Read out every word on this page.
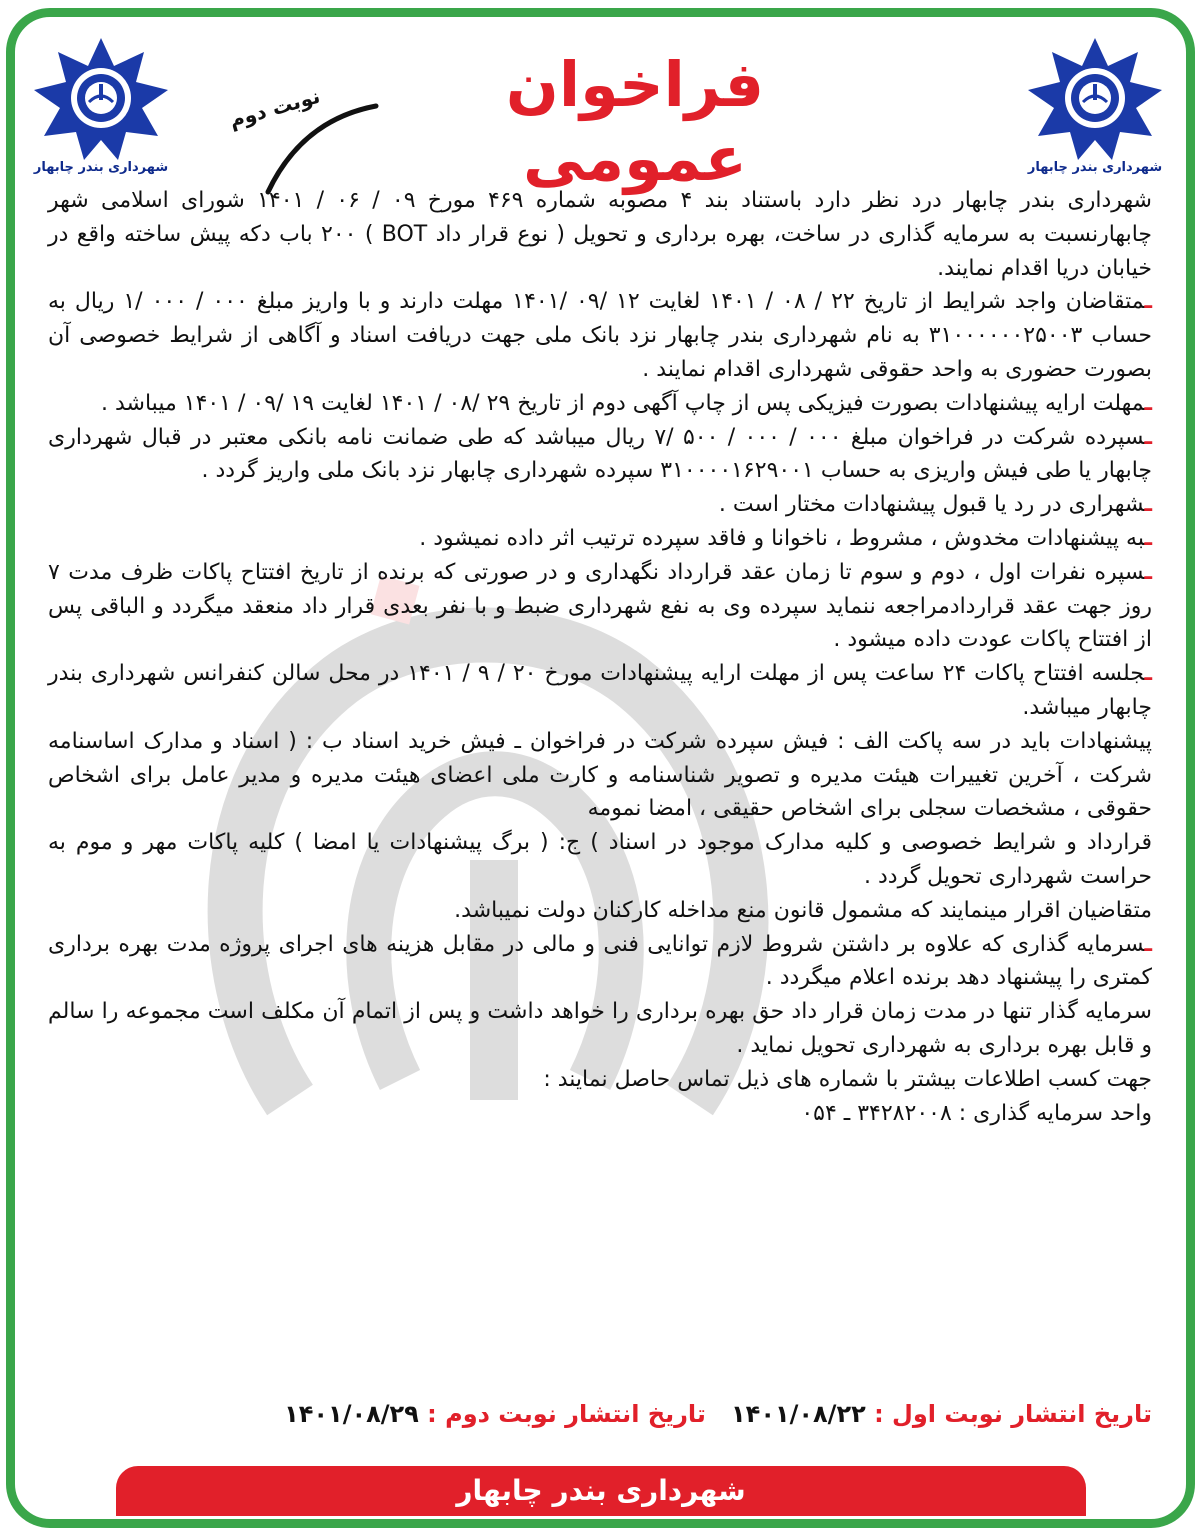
شهرداری بندر چابهار	شهرداری بندر چابهار
فراخوان عمومی
نوبت دوم

شهرداری بندر چابهار درد نظر دارد باستناد بند ۴ مصوبه شماره ۴۶۹ مورخ ۰۹ / ۰۶ / ۱۴۰۱ شورای اسلامی شهر چابهارنسبت به سرمایه گذاری در ساخت، بهره برداری و تحویل ( نوع قرار داد BOT ) ۲۰۰ باب دکه پیش ساخته واقع در خیابان دریا اقدام نمایند.

ـمتقاضان واجد شرایط از تاریخ ۲۲ / ۰۸ / ۱۴۰۱ لغایت ۱۲ /۰۹ /۱۴۰۱ مهلت دارند و با واریز مبلغ ۰۰۰ / ۰۰۰ /۱ ریال به حساب ۳۱۰۰۰۰۰۰۲۵۰۰۳ به نام شهرداری بندر چابهار نزد بانک ملی جهت دریافت اسناد و آگاهی از شرایط خصوصی آن بصورت حضوری به واحد حقوقی شهرداری اقدام نمایند .

ـمهلت ارایه پیشنهادات بصورت فیزیکی پس از چاپ آگهی دوم از تاریخ ۲۹ /۰۸ / ۱۴۰۱ لغایت ۱۹ /۰۹ / ۱۴۰۱ میباشد .

ـسپرده شرکت در فراخوان مبلغ ۰۰۰ / ۰۰۰ / ۵۰۰ /۷ ریال میباشد که طی ضمانت نامه بانکی معتبر در قبال شهرداری چابهار یا طی فیش واریزی به حساب ۳۱۰۰۰۰۱۶۲۹۰۰۱ سپرده شهرداری چابهار نزد بانک ملی واریز گردد .

ـشهراری در رد یا قبول پیشنهادات مختار است .

ـبه پیشنهادات مخدوش ، مشروط ، ناخوانا و فاقد سپرده ترتیب اثر داده نمیشود .

ـسپره نفرات اول ، دوم و سوم تا زمان عقد قرارداد نگهداری و در صورتی که برنده از تاریخ افتتاح پاکات ظرف مدت ۷ روز جهت عقد قراردادمراجعه ننماید سپرده وی به نفع شهرداری ضبط و با نفر بعدی قرار داد منعقد میگردد و الباقی پس از افتتاح پاکات عودت داده میشود .

ـجلسه افتتاح پاکات ۲۴ ساعت پس از مهلت ارایه پیشنهادات مورخ ۲۰ / ۹ / ۱۴۰۱ در محل سالن کنفرانس شهرداری بندر چابهار میباشد.

پیشنهادات باید در سه پاکت الف : فیش سپرده شرکت در فراخوان ـ فیش خرید اسناد ب : ( اسناد و مدارک اساسنامه شرکت ، آخرین تغییرات هیئت مدیره و تصویر شناسنامه و کارت ملی اعضای هیئت مدیره و مدیر عامل برای اشخاص حقوقی ، مشخصات سجلی برای اشخاص حقیقی ، امضا نمومه

قرارداد و شرایط خصوصی و کلیه مدارک موجود در اسناد ) ج: ( برگ پیشنهادات یا امضا ) کلیه پاکات مهر و موم به حراست شهرداری تحویل گردد .

متقاضیان اقرار مینمایند که مشمول قانون منع مداخله کارکنان دولت نمیباشد.

ـسرمایه گذاری که علاوه بر داشتن شروط لازم توانایی فنی و مالی در مقابل هزینه های اجرای پروژه مدت بهره برداری کمتری را پیشنهاد دهد برنده اعلام میگردد .

سرمایه گذار تنها در مدت زمان قرار داد حق بهره برداری را خواهد داشت و پس از اتمام آن مکلف است مجموعه را سالم و قابل بهره برداری به شهرداری تحویل نماید .

جهت کسب اطلاعات بیشتر با شماره های ذیل تماس حاصل نمایند :

واحد سرمایه گذاری : ۳۴۲۸۲۰۰۸ ـ ۰۵۴

تاریخ انتشار نوبت اول : ۱۴۰۱/۰۸/۲۲   تاریخ انتشار نوبت دوم : ۱۴۰۱/۰۸/۲۹
شهرداری بندر چابهار
